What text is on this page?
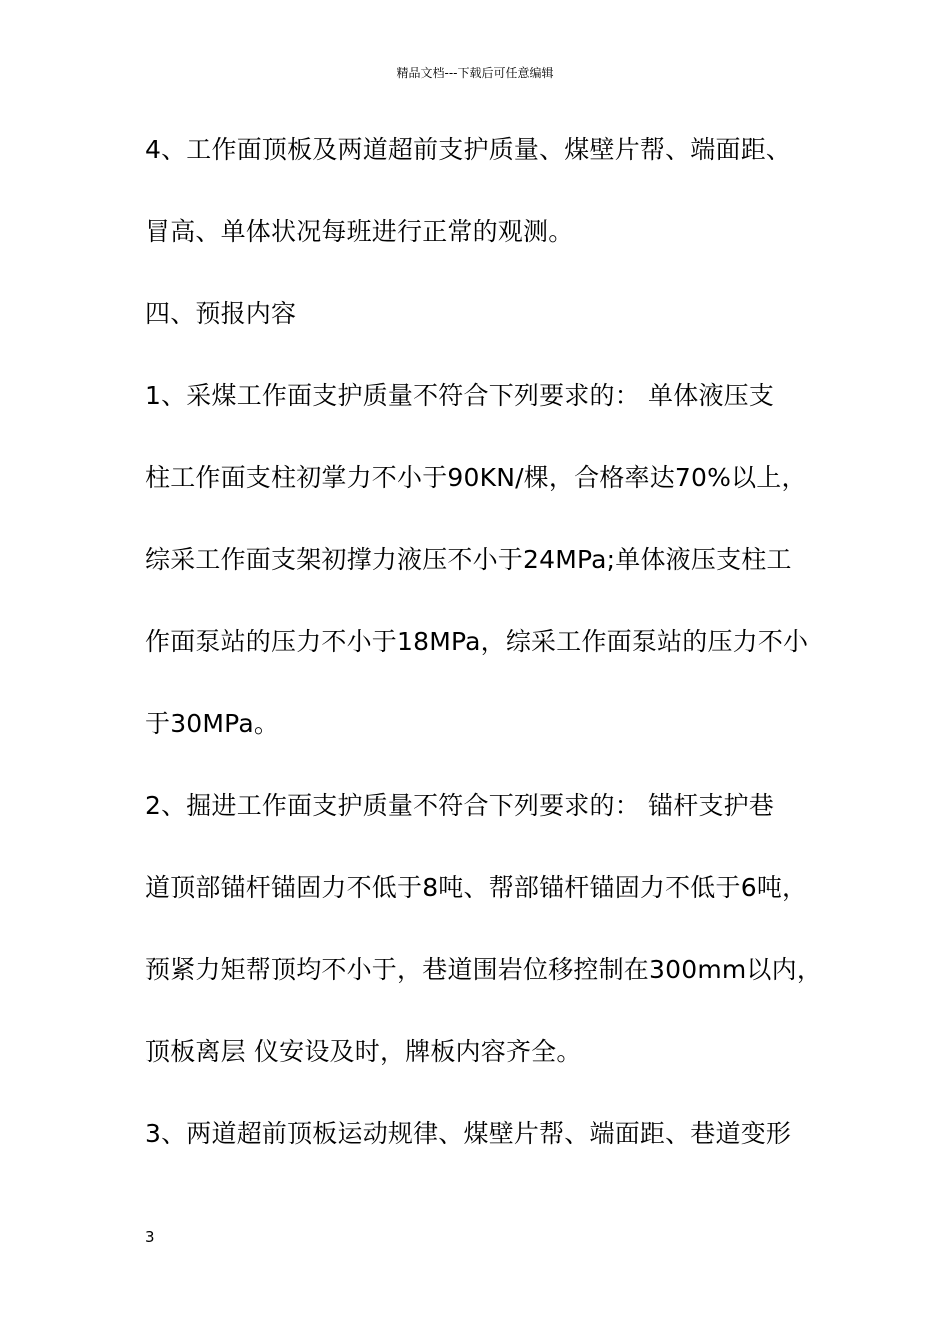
精品文档---下载后可任意编辑
4、工作面顶板及两道超前支护质量、煤壁片帮、端面距、
冒高、单体状况每班进行正常的观测。
四、预报内容
1、采煤工作面支护质量不符合下列要求的： 单体液压支
柱工作面支柱初掌力不小于90KN/棵，合格率达70%以上，
综采工作面支架初撑力液压不小于24MPa;单体液压支柱工
作面泵站的压力不小于18MPa，综采工作面泵站的压力不小
于30MPa。
2、掘进工作面支护质量不符合下列要求的： 锚杆支护巷
道顶部锚杆锚固力不低于8吨、帮部锚杆锚固力不低于6吨，
预紧力矩帮顶均不小于，巷道围岩位移控制在300mm以内，
顶板离层 仪安设及时，牌板内容齐全。
3、两道超前顶板运动规律、煤壁片帮、端面距、巷道变形
3
